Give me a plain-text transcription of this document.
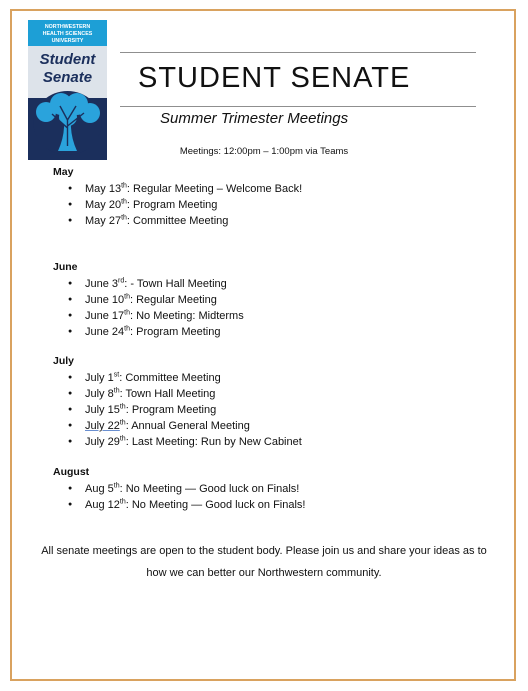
NORTHWESTERN
HEALTH SCIENCES
UNIVERSITY
Student
Senate STUDENT SENATE
Summer Trimester Meetings
Meetings: 12:00pm – 1:00pm via Teams
May
● May 13th: Regular Meeting – Welcome Back!
● May 20th: Program Meeting
● May 27th: Committee Meeting
June
● June 3rd: - Town Hall Meeting
● June 10th: Regular Meeting
● June 17th: No Meeting: Midterms
● June 24th: Program Meeting
July
● July 1st: Committee Meeting
● July 8th: Town Hall Meeting
● July 15th: Program Meeting
● July 22th: Annual General Meeting
● July 29th: Last Meeting: Run by New Cabinet
August
● Aug 5th: No Meeting — Good luck on Finals!
● Aug 12th: No Meeting — Good luck on Finals!
All senate meetings are open to the student body. Please join us and share your ideas as to how we can better our Northwestern community.
